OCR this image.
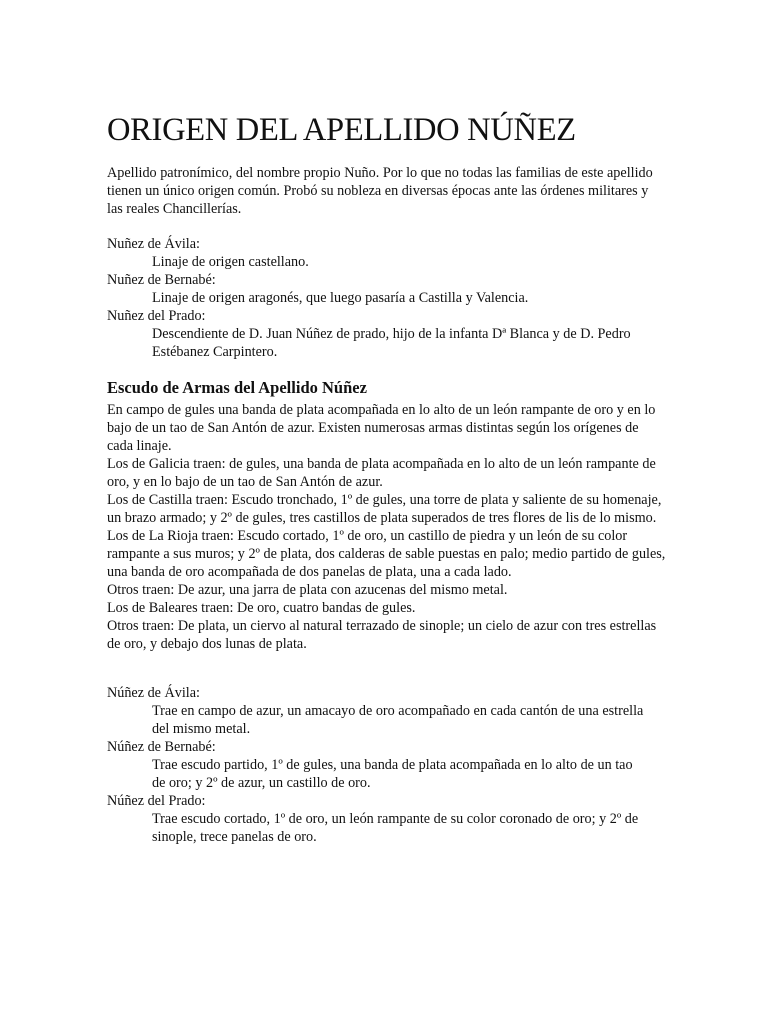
ORIGEN DEL APELLIDO NÚÑEZ

Apellido patronímico, del nombre propio Nuño. Por lo que no todas las familias de este apellido tienen un único origen común. Probó su nobleza en diversas épocas ante las órdenes militares y las reales Chancillerías.

Nuñez de Ávila:
Linaje de origen castellano.
Nuñez de Bernabé:
Linaje de origen aragonés, que luego pasaría a Castilla y Valencia.
Nuñez del Prado:
Descendiente de D. Juan Núñez de prado, hijo de la infanta Dª Blanca y de D. Pedro Estébanez Carpintero.
Escudo de Armas del Apellido Núñez

En campo de gules una banda de plata acompañada en lo alto de un león rampante de oro y en lo bajo de un tao de San Antón de azur. Existen numerosas armas distintas según los orígenes de cada linaje.

Los de Galicia traen: de gules, una banda de plata acompañada en lo alto de un león rampante de oro, y en lo bajo de un tao de San Antón de azur.

Los de Castilla traen: Escudo tronchado, 1º de gules, una torre de plata y saliente de su homenaje, un brazo armado; y 2º de gules, tres castillos de plata superados de tres flores de lis de lo mismo.

Los de La Rioja traen: Escudo cortado, 1º de oro, un castillo de piedra y un león de su color rampante a sus muros; y 2º de plata, dos calderas de sable puestas en palo; medio partido de gules, una banda de oro acompañada de dos panelas de plata, una a cada lado.

Otros traen: De azur, una jarra de plata con azucenas del mismo metal.

Los de Baleares traen: De oro, cuatro bandas de gules.

Otros traen: De plata, un ciervo al natural terrazado de sinople; un cielo de azur con tres estrellas de oro, y debajo dos lunas de plata.

Núñez de Ávila:
Trae en campo de azur, un amacayo de oro acompañado en cada cantón de una estrella del mismo metal.
Núñez de Bernabé:
Trae escudo partido, 1º de gules, una banda de plata acompañada en lo alto de un tao de oro; y 2º de azur, un castillo de oro.
Núñez del Prado:
Trae escudo cortado, 1º de oro, un león rampante de su color coronado de oro; y 2º de sinople, trece panelas de oro.
